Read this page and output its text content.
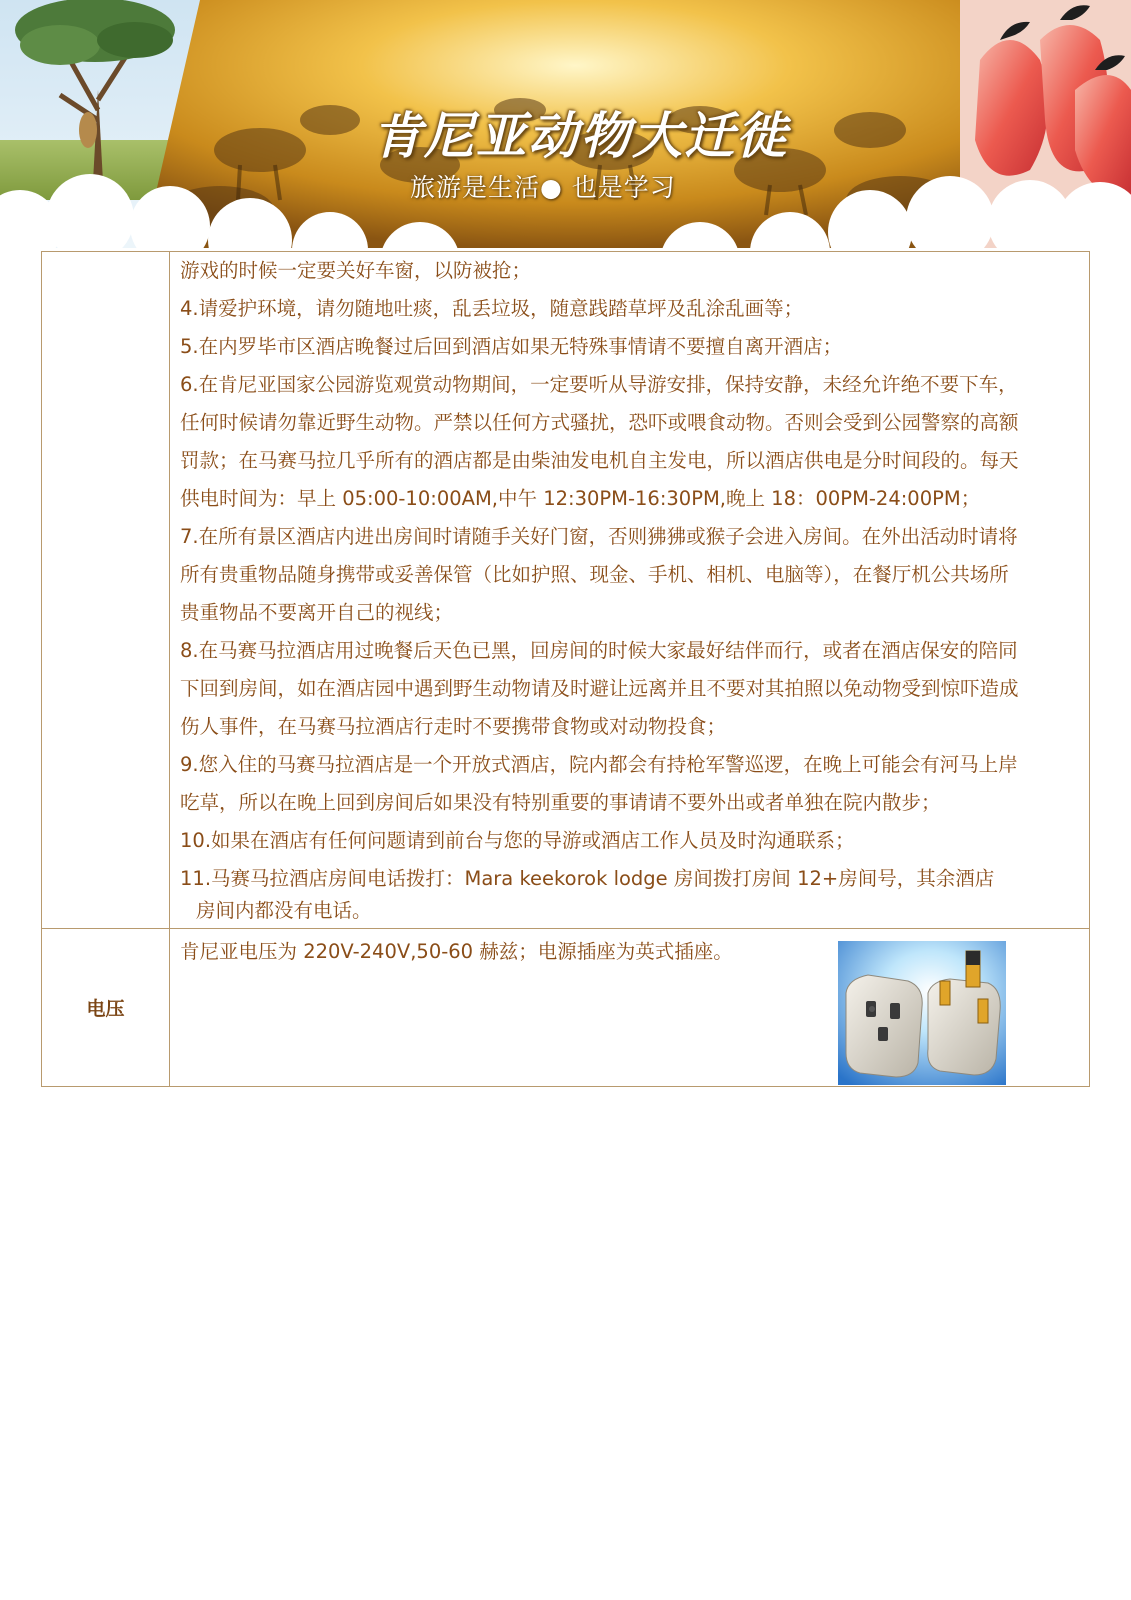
肯尼亚动物大迁徙
旅游是生活● 也是学习

游戏的时候一定要关好车窗，以防被抢；

4.请爱护环境，请勿随地吐痰，乱丢垃圾，随意践踏草坪及乱涂乱画等；

5.在内罗毕市区酒店晚餐过后回到酒店如果无特殊事情请不要擅自离开酒店；

6.在肯尼亚国家公园游览观赏动物期间，一定要听从导游安排，保持安静，未经允许绝不要下车，

任何时候请勿靠近野生动物。严禁以任何方式骚扰，恐吓或喂食动物。否则会受到公园警察的高额

罚款；在马赛马拉几乎所有的酒店都是由柴油发电机自主发电，所以酒店供电是分时间段的。每天

供电时间为：早上 05:00-10:00AM,中午 12:30PM-16:30PM,晚上 18：00PM-24:00PM；

7.在所有景区酒店内进出房间时请随手关好门窗，否则狒狒或猴子会进入房间。在外出活动时请将

所有贵重物品随身携带或妥善保管（比如护照、现金、手机、相机、电脑等），在餐厅机公共场所

贵重物品不要离开自己的视线；

8.在马赛马拉酒店用过晚餐后天色已黑，回房间的时候大家最好结伴而行，或者在酒店保安的陪同

下回到房间，如在酒店园中遇到野生动物请及时避让远离并且不要对其拍照以免动物受到惊吓造成

伤人事件，在马赛马拉酒店行走时不要携带食物或对动物投食；

9.您入住的马赛马拉酒店是一个开放式酒店，院内都会有持枪军警巡逻，在晚上可能会有河马上岸

吃草，所以在晚上回到房间后如果没有特别重要的事请请不要外出或者单独在院内散步；

10.如果在酒店有任何问题请到前台与您的导游或酒店工作人员及时沟通联系；

11.马赛马拉酒店房间电话拨打：Mara keekorok lodge 房间拨打房间 12+房间号，其余酒店

房间内都没有电话。

电压
肯尼亚电压为 220V-240V,50-60 赫兹；电源插座为英式插座。
